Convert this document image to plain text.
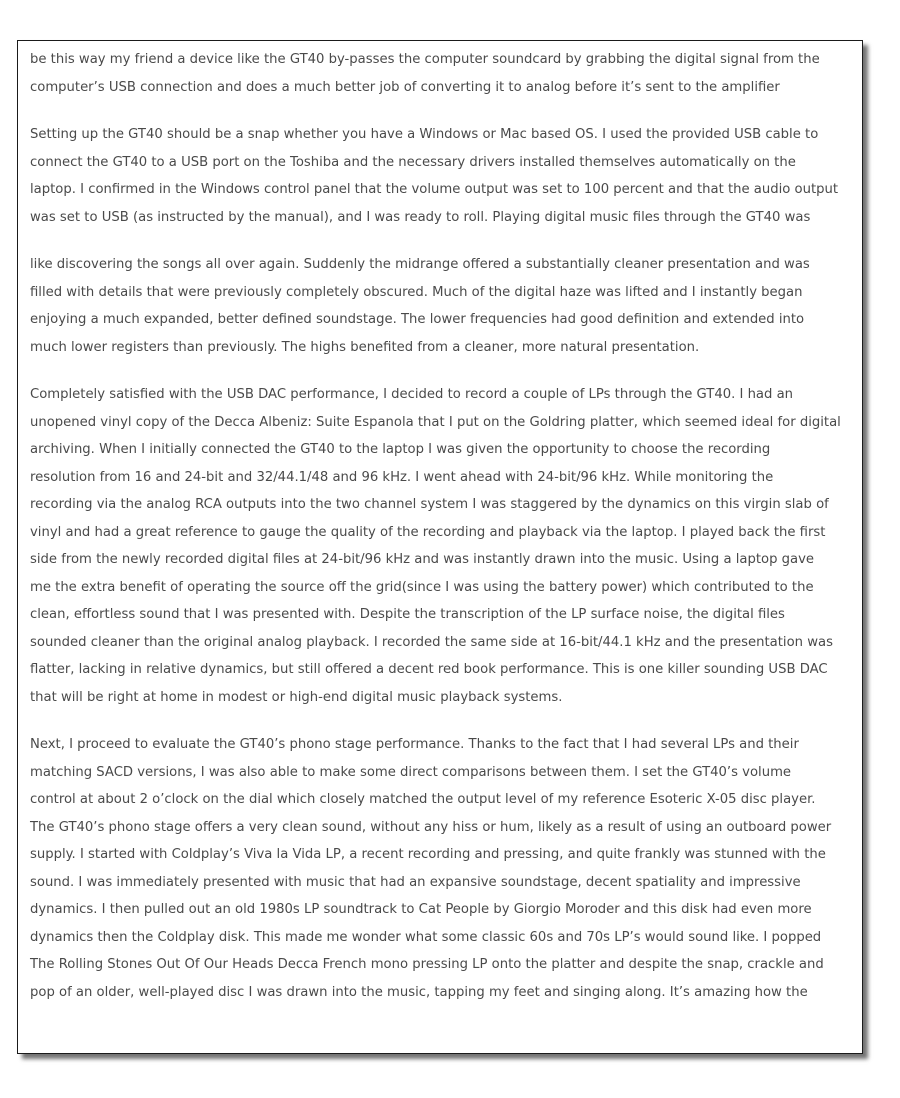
be this way my friend a device like the GT40 by-passes the computer soundcard by grabbing the digital signal from the
computer’s USB connection and does a much better job of converting it to analog before it’s sent to the amplifier

Setting up the GT40 should be a snap whether you have a Windows or Mac based OS. I used the provided USB cable to
connect the GT40 to a USB port on the Toshiba and the necessary drivers installed themselves automatically on the
laptop. I confirmed in the Windows control panel that the volume output was set to 100 percent and that the audio output
was set to USB (as instructed by the manual), and I was ready to roll. Playing digital music files through the GT40 was

like discovering the songs all over again. Suddenly the midrange offered a substantially cleaner presentation and was
filled with details that were previously completely obscured. Much of the digital haze was lifted and I instantly began
enjoying a much expanded, better defined soundstage. The lower frequencies had good definition and extended into
much lower registers than previously. The highs benefited from a cleaner, more natural presentation.

Completely satisfied with the USB DAC performance, I decided to record a couple of LPs through the GT40. I had an
unopened vinyl copy of the Decca Albeniz: Suite Espanola that I put on the Goldring platter, which seemed ideal for digital
archiving. When I initially connected the GT40 to the laptop I was given the opportunity to choose the recording
resolution from 16 and 24-bit and 32/44.1/48 and 96 kHz. I went ahead with 24-bit/96 kHz. While monitoring the
recording via the analog RCA outputs into the two channel system I was staggered by the dynamics on this virgin slab of
vinyl and had a great reference to gauge the quality of the recording and playback via the laptop. I played back the first
side from the newly recorded digital files at 24-bit/96 kHz and was instantly drawn into the music. Using a laptop gave
me the extra benefit of operating the source off the grid(since I was using the battery power) which contributed to the
clean, effortless sound that I was presented with. Despite the transcription of the LP surface noise, the digital files
sounded cleaner than the original analog playback. I recorded the same side at 16-bit/44.1 kHz and the presentation was
flatter, lacking in relative dynamics, but still offered a decent red book performance. This is one killer sounding USB DAC
that will be right at home in modest or high-end digital music playback systems.

Next, I proceed to evaluate the GT40’s phono stage performance. Thanks to the fact that I had several LPs and their
matching SACD versions, I was also able to make some direct comparisons between them. I set the GT40’s volume
control at about 2 o’clock on the dial which closely matched the output level of my reference Esoteric X-05 disc player.
The GT40’s phono stage offers a very clean sound, without any hiss or hum, likely as a result of using an outboard power
supply. I started with Coldplay’s Viva la Vida LP, a recent recording and pressing, and quite frankly was stunned with the
sound. I was immediately presented with music that had an expansive soundstage, decent spatiality and impressive
dynamics. I then pulled out an old 1980s LP soundtrack to Cat People by Giorgio Moroder and this disk had even more
dynamics then the Coldplay disk. This made me wonder what some classic 60s and 70s LP’s would sound like. I popped
The Rolling Stones Out Of Our Heads Decca French mono pressing LP onto the platter and despite the snap, crackle and
pop of an older, well-played disc I was drawn into the music, tapping my feet and singing along. It’s amazing how the
